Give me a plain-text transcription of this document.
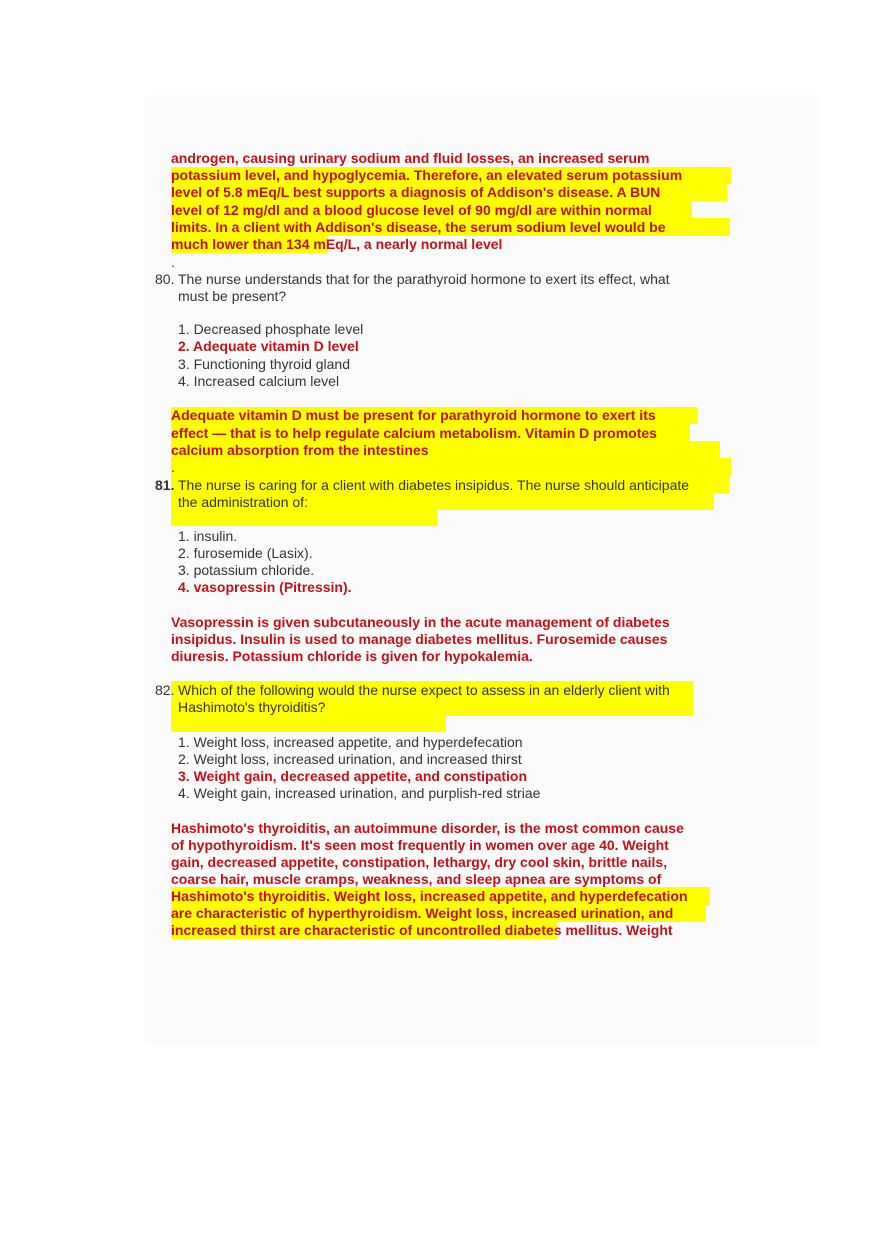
androgen, causing urinary sodium and fluid losses, an increased serum
potassium level, and hypoglycemia. Therefore, an elevated serum potassium
level of 5.8 mEq/L best supports a diagnosis of Addison's disease. A BUN
level of 12 mg/dl and a blood glucose level of 90 mg/dl are within normal
limits. In a client with Addison's disease, the serum sodium level would be
much lower than 134 mEq/L, a nearly normal level
.
80. The nurse understands that for the parathyroid hormone to exert its effect, what
must be present?
1. Decreased phosphate level
2. Adequate vitamin D level
3. Functioning thyroid gland
4. Increased calcium level
Adequate vitamin D must be present for parathyroid hormone to exert its
effect — that is to help regulate calcium metabolism. Vitamin D promotes
calcium absorption from the intestines
.
81. The nurse is caring for a client with diabetes insipidus. The nurse should anticipate
the administration of:
1. insulin.
2. furosemide (Lasix).
3. potassium chloride.
4. vasopressin (Pitressin).
Vasopressin is given subcutaneously in the acute management of diabetes
insipidus. Insulin is used to manage diabetes mellitus. Furosemide causes
diuresis. Potassium chloride is given for hypokalemia.
82. Which of the following would the nurse expect to assess in an elderly client with
Hashimoto's thyroiditis?
1. Weight loss, increased appetite, and hyperdefecation
2. Weight loss, increased urination, and increased thirst
3. Weight gain, decreased appetite, and constipation
4. Weight gain, increased urination, and purplish-red striae
Hashimoto's thyroiditis, an autoimmune disorder, is the most common cause
of hypothyroidism. It's seen most frequently in women over age 40. Weight
gain, decreased appetite, constipation, lethargy, dry cool skin, brittle nails,
coarse hair, muscle cramps, weakness, and sleep apnea are symptoms of
Hashimoto's thyroiditis. Weight loss, increased appetite, and hyperdefecation
are characteristic of hyperthyroidism. Weight loss, increased urination, and
increased thirst are characteristic of uncontrolled diabetes mellitus. Weight
